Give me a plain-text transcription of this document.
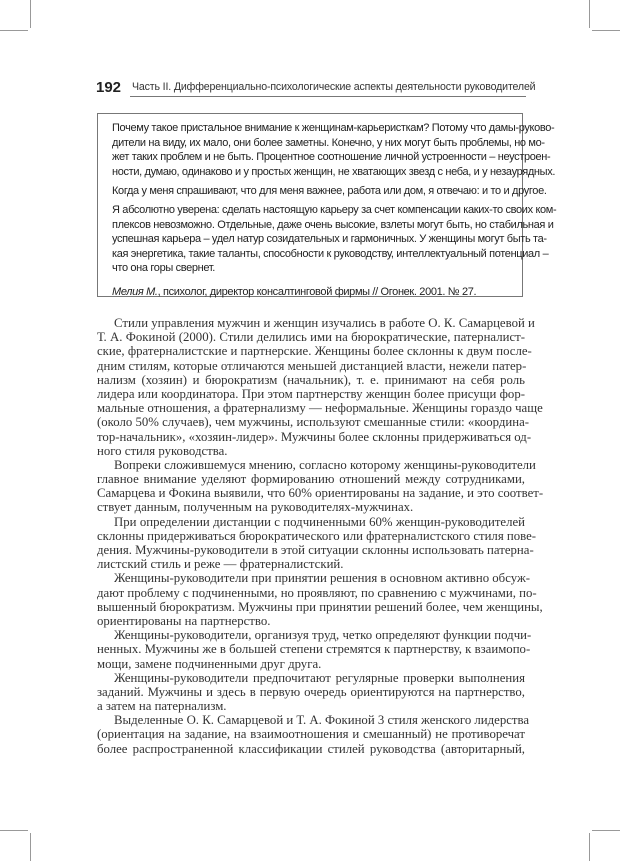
192 Часть II. Дифференциально-психологические аспекты деятельности руководителей
Почему такое пристальное внимание к женщинам-карьеристкам? Потому что дамы-руково-
дители на виду, их мало, они более заметны. Конечно, у них могут быть проблемы, но мо-
жет таких проблем и не быть. Процентное соотношение личной устроенности – неустроен-
ности, думаю, одинаково и у простых женщин, не хватающих звезд с неба, и у незаурядных.
Когда у меня спрашивают, что для меня важнее, работа или дом, я отвечаю: и то и другое.
Я абсолютно уверена: сделать настоящую карьеру за счет компенсации каких-то своих ком-
плексов невозможно. Отдельные, даже очень высокие, взлеты могут быть, но стабильная и
успешная карьера – удел натур созидательных и гармоничных. У женщины могут быть та-
кая энергетика, такие таланты, способности к руководству, интеллектуальный потенциал –
что она горы свернет.
Мелия М., психолог, директор консалтинговой фирмы // Огонек. 2001. № 27.
Стили управления мужчин и женщин изучались в работе О. К. Самарцевой и
Т. А. Фокиной (2000). Стили делились ими на бюрократические, патерналист-
ские, фратерналистские и партнерские. Женщины более склонны к двум после-
дним стилям, которые отличаются меньшей дистанцией власти, нежели патер-
нализм (хозяин) и бюрократизм (начальник), т. е. принимают на себя роль
лидера или координатора. При этом партнерству женщин более присущи фор-
мальные отношения, а фратернализму — неформальные. Женщины гораздо чаще
(около 50% случаев), чем мужчины, используют смешанные стили: «координа-
тор-начальник», «хозяин-лидер». Мужчины более склонны придерживаться од-
ного стиля руководства.
Вопреки сложившемуся мнению, согласно которому женщины-руководители
главное внимание уделяют формированию отношений между сотрудниками,
Самарцева и Фокина выявили, что 60% ориентированы на задание, и это соответ-
ствует данным, полученным на руководителях-мужчинах.
При определении дистанции с подчиненными 60% женщин-руководителей
склонны придерживаться бюрократического или фратерналистского стиля пове-
дения. Мужчины-руководители в этой ситуации склонны использовать патерна-
листский стиль и реже — фратерналистский.
Женщины-руководители при принятии решения в основном активно обсуж-
дают проблему с подчиненными, но проявляют, по сравнению с мужчинами, по-
вышенный бюрократизм. Мужчины при принятии решений более, чем женщины,
ориентированы на партнерство.
Женщины-руководители, организуя труд, четко определяют функции подчи-
ненных. Мужчины же в большей степени стремятся к партнерству, к взаимопо-
мощи, замене подчиненными друг друга.
Женщины-руководители предпочитают регулярные проверки выполнения
заданий. Мужчины и здесь в первую очередь ориентируются на партнерство,
а затем на патернализм.
Выделенные О. К. Самарцевой и Т. А. Фокиной 3 стиля женского лидерства
(ориентация на задание, на взаимоотношения и смешанный) не противоречат
более распространенной классификации стилей руководства (авторитарный,
